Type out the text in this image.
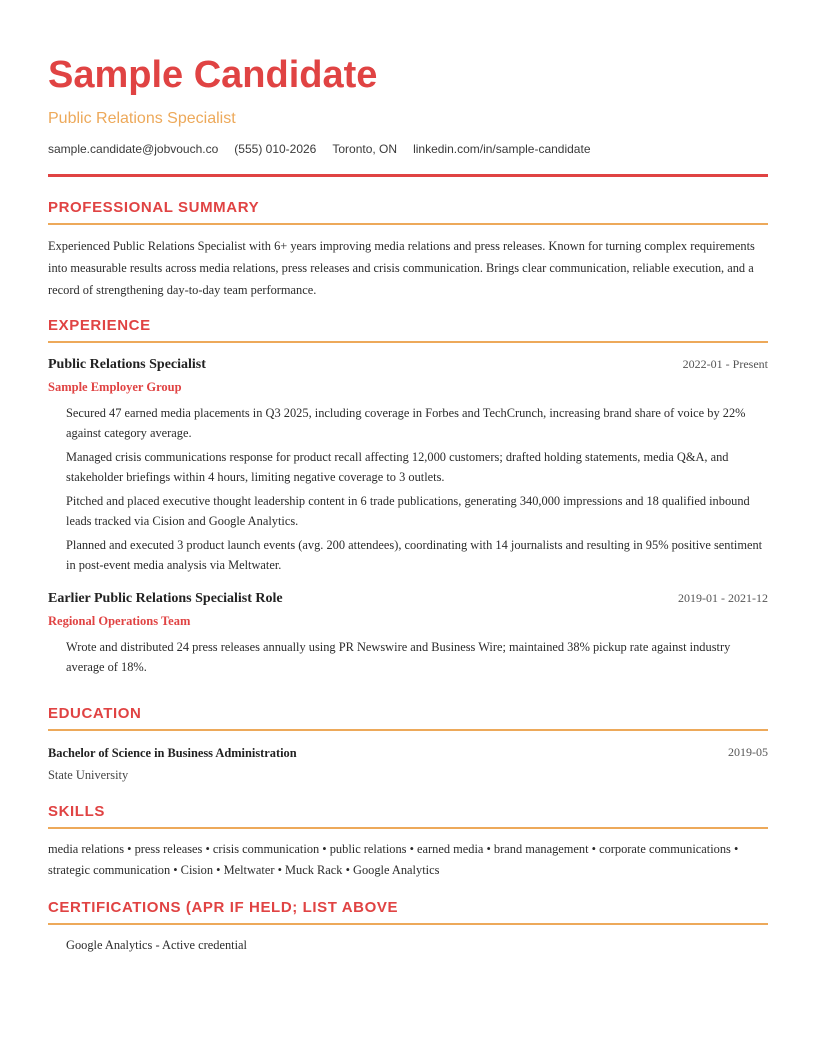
Sample Candidate
Public Relations Specialist
sample.candidate@jobvouch.co (555) 010-2026 Toronto, ON linkedin.com/in/sample-candidate
PROFESSIONAL SUMMARY

Experienced Public Relations Specialist with 6+ years improving media relations and press releases. Known for turning complex requirements into measurable results across media relations, press releases and crisis communication. Brings clear communication, reliable execution, and a record of strengthening day-to-day team performance.

EXPERIENCE
Public Relations Specialist	2022-01 - Present
Sample Employer Group
Secured 47 earned media placements in Q3 2025, including coverage in Forbes and TechCrunch, increasing brand share of voice by 22% against category average.
Managed crisis communications response for product recall affecting 12,000 customers; drafted holding statements, media Q&A, and stakeholder briefings within 4 hours, limiting negative coverage to 3 outlets.
Pitched and placed executive thought leadership content in 6 trade publications, generating 340,000 impressions and 18 qualified inbound leads tracked via Cision and Google Analytics.
Planned and executed 3 product launch events (avg. 200 attendees), coordinating with 14 journalists and resulting in 95% positive sentiment in post-event media analysis via Meltwater.
Earlier Public Relations Specialist Role	2019-01 - 2021-12
Regional Operations Team
Wrote and distributed 24 press releases annually using PR Newswire and Business Wire; maintained 38% pickup rate against industry average of 18%.
EDUCATION
Bachelor of Science in Business Administration	2019-05
State University
SKILLS

media relations • press releases • crisis communication • public relations • earned media • brand management • corporate communications • strategic communication • Cision • Meltwater • Muck Rack • Google Analytics

CERTIFICATIONS (APR IF HELD; LIST ABOVE
Google Analytics - Active credential
